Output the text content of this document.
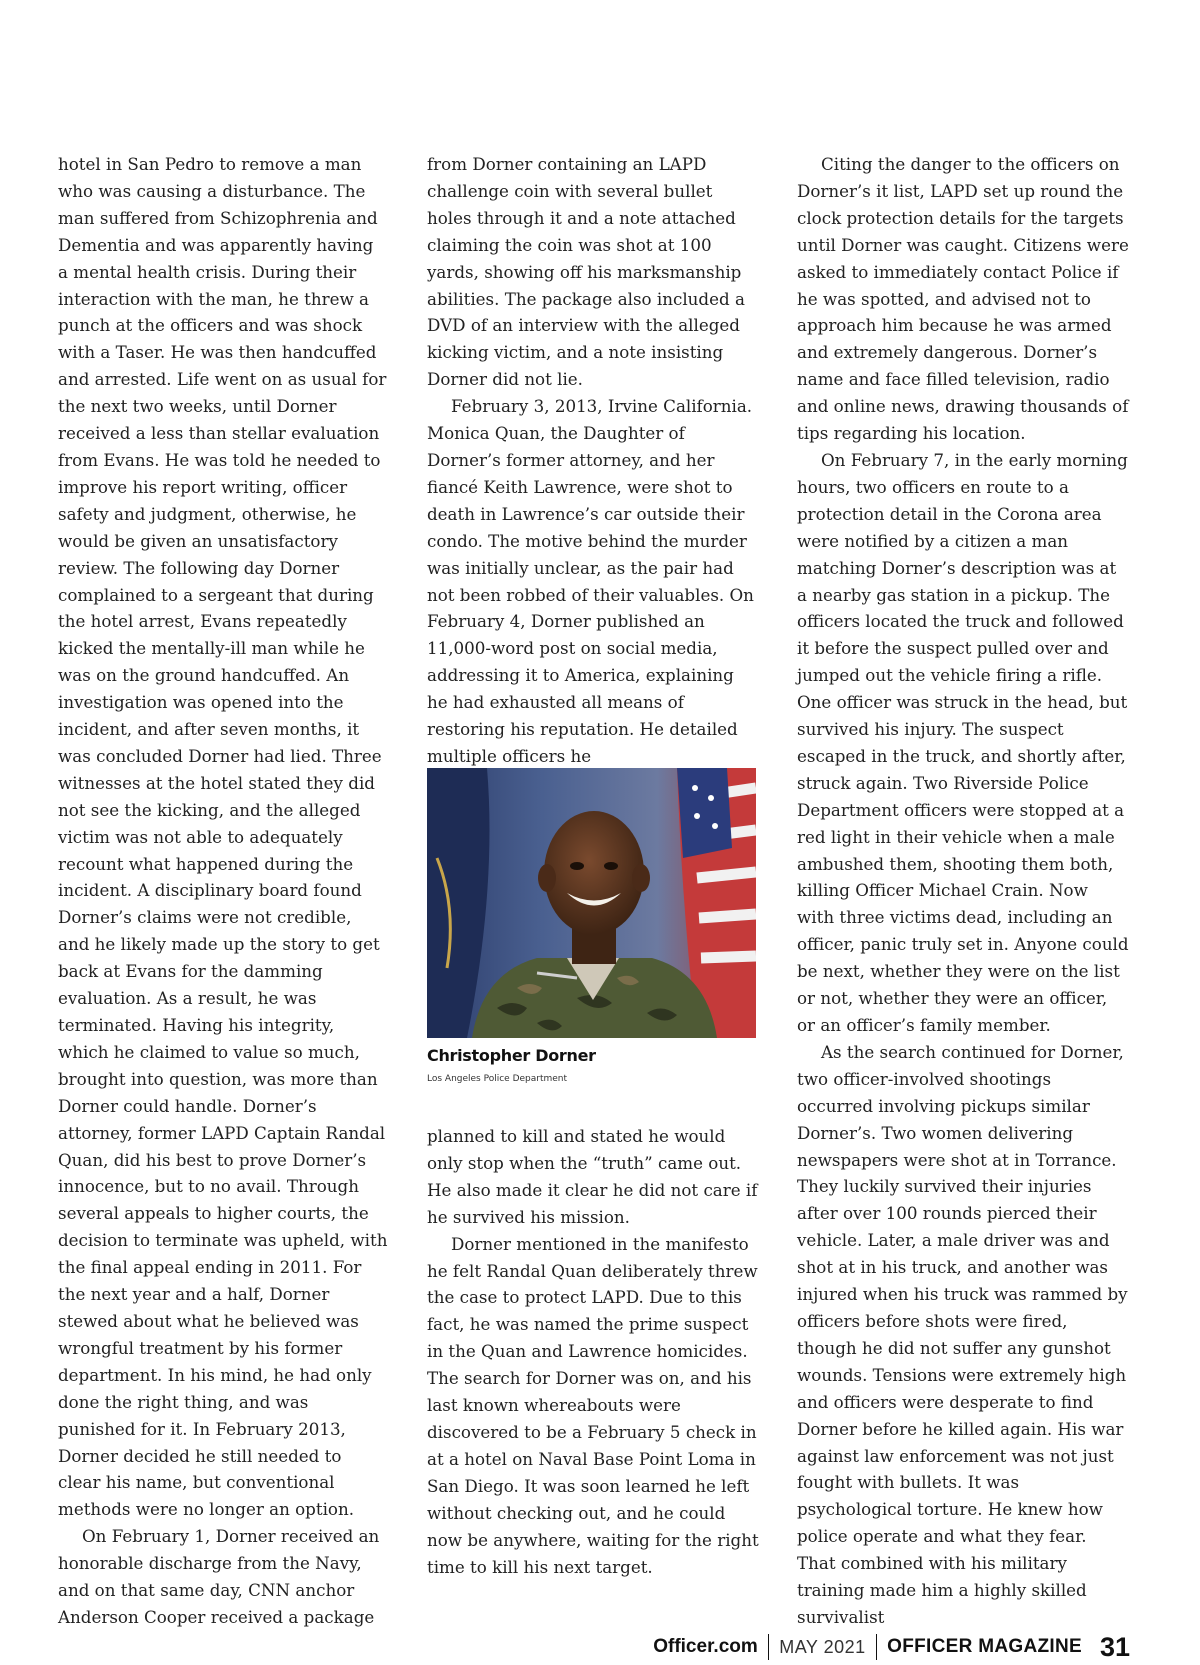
hotel in San Pedro to remove a man who was causing a disturbance. The man suffered from Schizophrenia and Dementia and was apparently having a mental health crisis. During their interaction with the man, he threw a punch at the officers and was shock with a Taser. He was then handcuffed and arrested. Life went on as usual for the next two weeks, until Dorner received a less than stellar evaluation from Evans. He was told he needed to improve his report writing, officer safety and judgment, otherwise, he would be given an unsatisfactory review. The following day Dorner complained to a sergeant that during the hotel arrest, Evans repeatedly kicked the mentally-ill man while he was on the ground handcuffed. An investigation was opened into the incident, and after seven months, it was concluded Dorner had lied. Three witnesses at the hotel stated they did not see the kicking, and the alleged victim was not able to adequately recount what happened during the incident. A disciplinary board found Dorner’s claims were not credible, and he likely made up the story to get back at Evans for the damming evaluation. As a result, he was terminated. Having his integrity, which he claimed to value so much, brought into question, was more than Dorner could handle. Dorner’s attorney, former LAPD Captain Randal Quan, did his best to prove Dorner’s innocence, but to no avail. Through several appeals to higher courts, the decision to terminate was upheld, with the final appeal ending in 2011. For the next year and a half, Dorner stewed about what he believed was wrongful treatment by his former department. In his mind, he had only done the right thing, and was punished for it. In February 2013, Dorner decided he still needed to clear his name, but conventional methods were no longer an option.

On February 1, Dorner received an honorable discharge from the Navy, and on that same day, CNN anchor Anderson Cooper received a package

from Dorner containing an LAPD challenge coin with several bullet holes through it and a note attached claiming the coin was shot at 100 yards, showing off his marksmanship abilities. The package also included a DVD of an interview with the alleged kicking victim, and a note insisting Dorner did not lie.

February 3, 2013, Irvine California. Monica Quan, the Daughter of Dorner’s former attorney, and her fiancé Keith Lawrence, were shot to death in Lawrence’s car outside their condo. The motive behind the murder was initially unclear, as the pair had not been robbed of their valuables. On February 4, Dorner published an 11,000-word post on social media, addressing it to America, explaining he had exhausted all means of restoring his reputation. He detailed multiple officers he

Christopher Dorner
Los Angeles Police Department

planned to kill and stated he would only stop when the “truth” came out. He also made it clear he did not care if he survived his mission.

Dorner mentioned in the manifesto he felt Randal Quan deliberately threw the case to protect LAPD. Due to this fact, he was named the prime suspect in the Quan and Lawrence homicides. The search for Dorner was on, and his last known whereabouts were discovered to be a February 5 check in at a hotel on Naval Base Point Loma in San Diego. It was soon learned he left without checking out, and he could now be anywhere, waiting for the right time to kill his next target.

Citing the danger to the officers on Dorner’s it list, LAPD set up round the clock protection details for the targets until Dorner was caught. Citizens were asked to immediately contact Police if he was spotted, and advised not to approach him because he was armed and extremely dangerous. Dorner’s name and face filled television, radio and online news, drawing thousands of tips regarding his location.

On February 7, in the early morning hours, two officers en route to a protection detail in the Corona area were notified by a citizen a man matching Dorner’s description was at a nearby gas station in a pickup. The officers located the truck and followed it before the suspect pulled over and jumped out the vehicle firing a rifle. One officer was struck in the head, but survived his injury. The suspect escaped in the truck, and shortly after, struck again. Two Riverside Police Department officers were stopped at a red light in their vehicle when a male ambushed them, shooting them both, killing Officer Michael Crain. Now with three victims dead, including an officer, panic truly set in. Anyone could be next, whether they were on the list or not, whether they were an officer, or an officer’s family member.

As the search continued for Dorner, two officer-involved shootings occurred involving pickups similar Dorner’s. Two women delivering newspapers were shot at in Torrance. They luckily survived their injuries after over 100 rounds pierced their vehicle. Later, a male driver was and shot at in his truck, and another was injured when his truck was rammed by officers before shots were fired, though he did not suffer any gunshot wounds. Tensions were extremely high and officers were desperate to find Dorner before he killed again. His war against law enforcement was not just fought with bullets. It was psychological torture. He knew how police operate and what they fear. That combined with his military training made him a highly skilled survivalist

Officer.com MAY 2021 OFFICER MAGAZINE 31
